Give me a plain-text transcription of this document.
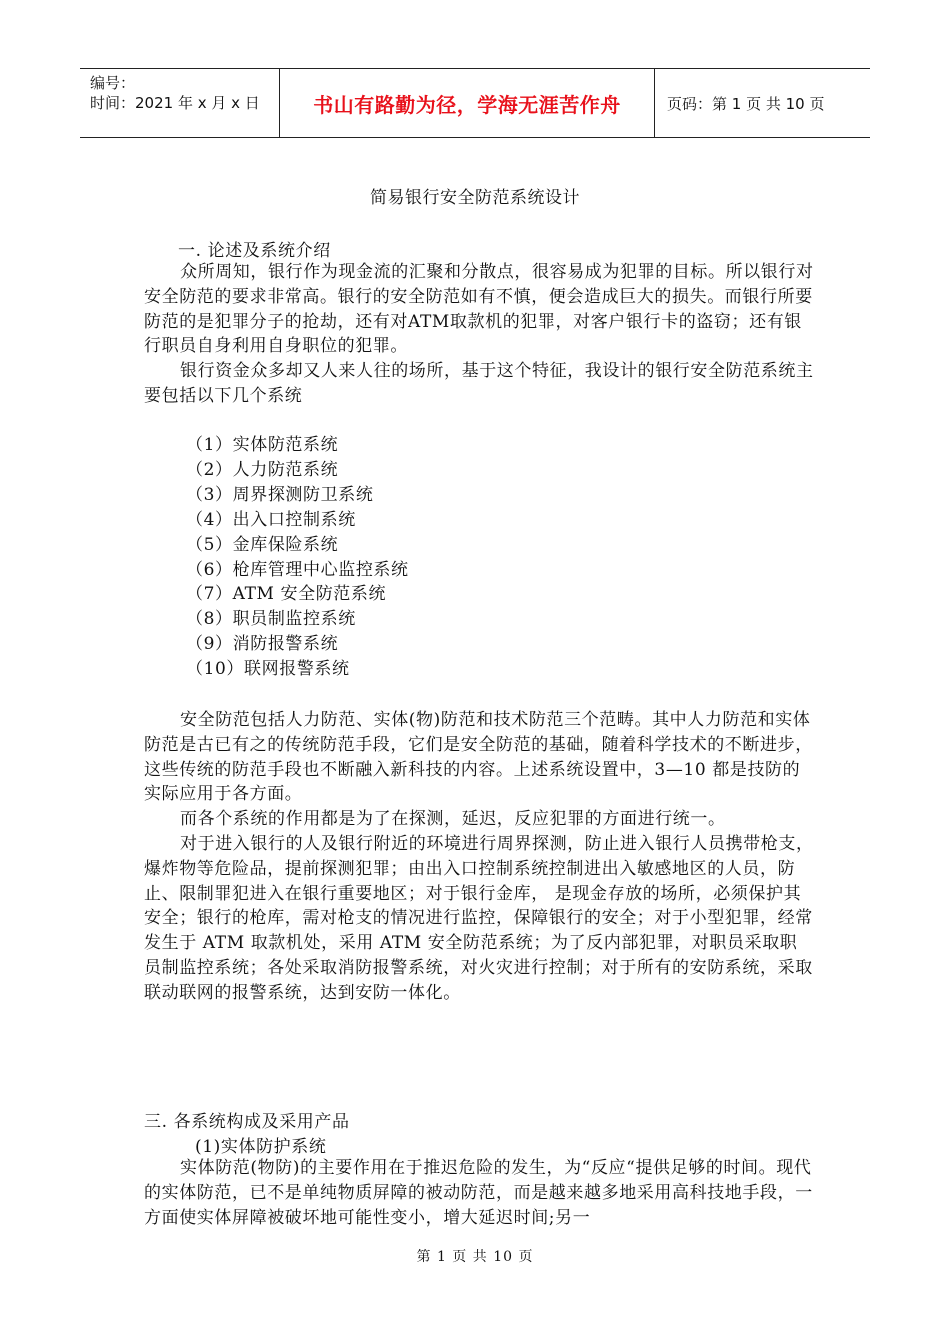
编号：
时间：2021 年 x 月 x 日	书山有路勤为径，学海无涯苦作舟	页码：第 1 页 共 10 页
简易银行安全防范系统设计
一. 论述及系统介绍
众所周知，银行作为现金流的汇聚和分散点，很容易成为犯罪的目标。所以银行对安全防范的要求非常高。银行的安全防范如有不慎，便会造成巨大的损失。而银行所要防范的是犯罪分子的抢劫，还有对ATM取款机的犯罪，对客户银行卡的盗窃；还有银行职员自身利用自身职位的犯罪。
银行资金众多却又人来人往的场所，基于这个特征，我设计的银行安全防范系统主要包括以下几个系统
（1）实体防范系统
（2）人力防范系统
（3）周界探测防卫系统
（4）出入口控制系统
（5）金库保险系统
（6）枪库管理中心监控系统
（7）ATM 安全防范系统
（8）职员制监控系统
（9）消防报警系统
（10）联网报警系统
安全防范包括人力防范、实体(物)防范和技术防范三个范畴。其中人力防范和实体防范是古已有之的传统防范手段，它们是安全防范的基础，随着科学技术的不断进步，这些传统的防范手段也不断融入新科技的内容。上述系统设置中，3—10 都是技防的实际应用于各方面。
而各个系统的作用都是为了在探测，延迟，反应犯罪的方面进行统一。
对于进入银行的人及银行附近的环境进行周界探测，防止进入银行人员携带枪支，爆炸物等危险品，提前探测犯罪；由出入口控制系统控制进出入敏感地区的人员，防止、限制罪犯进入在银行重要地区；对于银行金库， 是现金存放的场所，必须保护其安全；银行的枪库，需对枪支的情况进行监控，保障银行的安全；对于小型犯罪，经常发生于 ATM 取款机处，采用 ATM 安全防范系统；为了反内部犯罪，对职员采取职员制监控系统；各处采取消防报警系统，对火灾进行控制；对于所有的安防系统，采取联动联网的报警系统，达到安防一体化。
三. 各系统构成及采用产品
(1)实体防护系统
实体防范(物防)的主要作用在于推迟危险的发生，为“反应“提供足够的时间。现代的实体防范，已不是单纯物质屏障的被动防范，而是越来越多地采用高科技地手段，一方面使实体屏障被破坏地可能性变小，增大延迟时间;另一
第 1 页 共 10 页
